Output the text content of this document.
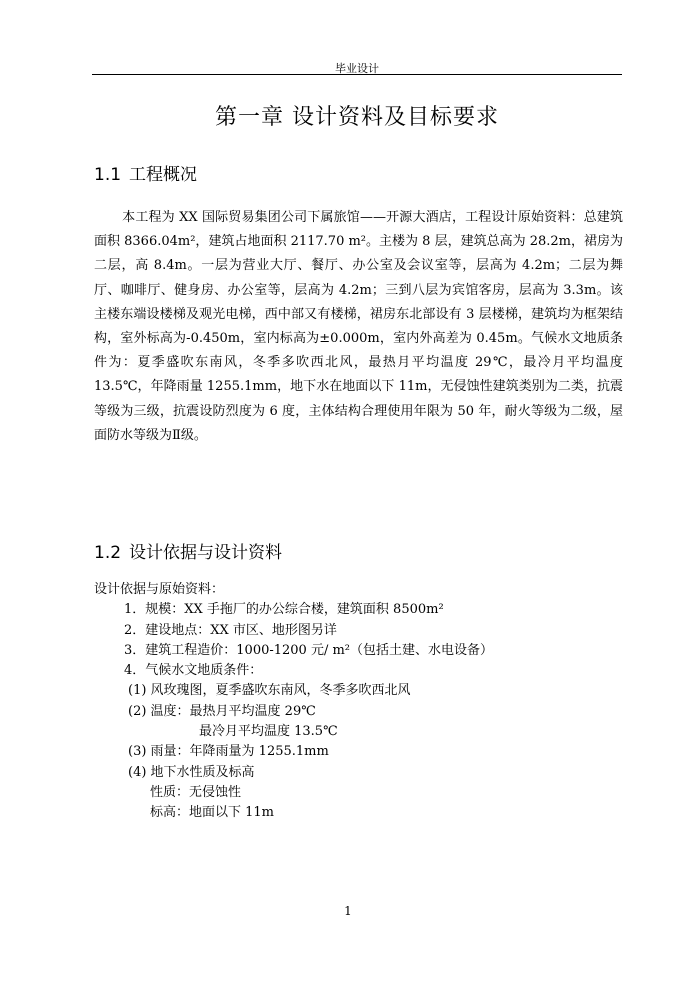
毕业设计
第一章 设计资料及目标要求
1.1 工程概况
本工程为 XX 国际贸易集团公司下属旅馆——开源大酒店，工程设计原始资料：总建筑面积 8366.04m²，建筑占地面积 2117.70 m²。主楼为 8 层，建筑总高为 28.2m，裙房为二层，高 8.4m。一层为营业大厅、餐厅、办公室及会议室等，层高为 4.2m；二层为舞厅、咖啡厅、健身房、办公室等，层高为 4.2m；三到八层为宾馆客房，层高为 3.3m。该主楼东端设楼梯及观光电梯，西中部又有楼梯，裙房东北部设有 3 层楼梯，建筑均为框架结构，室外标高为-0.450m，室内标高为±0.000m，室内外高差为 0.45m。气候水文地质条件为：夏季盛吹东南风，冬季多吹西北风，最热月平均温度 29℃，最冷月平均温度 13.5℃，年降雨量 1255.1mm，地下水在地面以下 11m，无侵蚀性建筑类别为二类，抗震等级为三级，抗震设防烈度为 6 度，主体结构合理使用年限为 50 年，耐火等级为二级，屋面防水等级为Ⅱ级。
1.2 设计依据与设计资料
设计依据与原始资料：
1．规模：XX 手拖厂的办公综合楼，建筑面积 8500m²
2．建设地点：XX 市区、地形图另详
3．建筑工程造价：1000-1200 元/ m²（包括土建、水电设备）
4．气候水文地质条件：
(1) 风玫瑰图，夏季盛吹东南风，冬季多吹西北风
(2) 温度：最热月平均温度 29℃
最冷月平均温度 13.5℃
(3) 雨量：年降雨量为 1255.1mm
(4) 地下水性质及标高
性质：无侵蚀性
标高：地面以下 11m
1
